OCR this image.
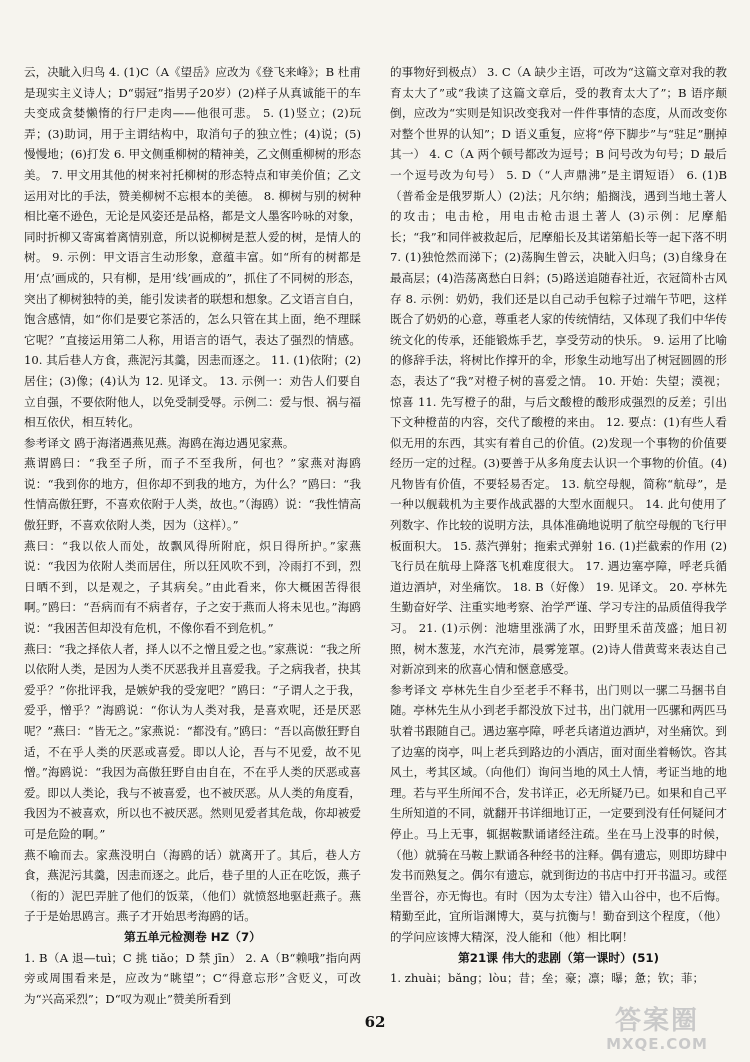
云，决眦入归鸟 4. (1)C（A《望岳》应改为《登飞来峰》；B 杜甫是现实主义诗人；D“弱冠”指男子20岁）(2)样子从真诚能干的车夫变成贪婪懒惰的行尸走肉——他很可悲。 5. (1)竖立；(2)玩弄；(3)助词，用于主谓结构中，取消句子的独立性；(4)说；(5)慢慢地；(6)打发 6. 甲文侧重柳树的精神美，乙文侧重柳树的形态美。 7. 甲文用其他的树来衬托柳树的形态特点和审美价值；乙文运用对比的手法，赞美柳树不忘根本的美德。 8. 柳树与别的树种相比毫不逊色，无论是风姿还是品格，都是文人墨客吟咏的对象，同时折柳又寄寓着离情别意，所以说柳树是惹人爱的树，是情人的树。 9. 示例：甲文语言生动形象，意蕴丰富。如“所有的树都是用‘点’画成的，只有柳，是用‘线’画成的”，抓住了不同树的形态，突出了柳树独特的美，能引发读者的联想和想象。乙文语言自白，饱含感情，如“你们是要它茶活的，怎么只管在其上面，绝不理睬它呢？”直接运用第二人称，用语言的语气，表达了强烈的情感。 10. 其后巷人方食，燕泥污其羹，因恚而逐之。 11. (1)依附；(2)居住；(3)像；(4)认为 12. 见译文。 13. 示例一：劝告人们要自立自强，不要依附他人，以免受制受辱。示例二：爱与恨、祸与福相互依伏，相互转化。

参考译文 鸥于海渚遇燕见燕。海鸥在海边遇见家燕。

燕谓鸥曰：“我至子所，而子不至我所，何也？”家燕对海鸥说：“我到你的地方，但你却不到我的地方，为什么？”鸥曰：“我性情高傲狂野，不喜欢依附于人类，故也。”（海鸥）说：“我性情高傲狂野，不喜欢依附人类，因为（这样）。”

燕曰：“我以依人而处，故飘风得所附庇，炽日得所护。”家燕说：“我因为依附人类而居住，所以狂风吹不到，冷雨打不到，烈日晒不到，以是观之，子其病矣。”由此看来，你大概困苦得很啊。”鸥曰：“吾病而有不病者存，子之安于燕而人将未见也。”海鸥说：“我困苦但却没有危机，不像你看不到危机。”

燕曰：“我之择依人者，择人以不之憎且爱之也。”家燕说：“我之所以依附人类，是因为人类不厌恶我并且喜爱我。子之病我者，抉其爱乎？”你批评我，是嫉妒我的受宠吧？”鸥曰：“子谓人之于我，爱乎，憎乎？”海鸥说：“你认为人类对我，是喜欢呢，还是厌恶呢？”燕曰：“皆无之。”家燕说：“都没有。”鸥曰：“吾以高傲狂野自适，不在乎人类的厌恶或喜爱。即以人论，吾与不见爱，故不见憎。”海鸥说：“我因为高傲狂野自由自在，不在乎人类的厌恶或喜爱。即以人类论，我与不被喜爱，也不被厌恶。从人类的角度看，我因为不被喜欢，所以也不被厌恶。然则见爱者其危哉，你却被爱可是危险的啊。”

燕不喻而去。家燕没明白（海鸥的话）就离开了。其后，巷人方食，燕泥污其羹，因恚而逐之。此后，巷子里的人正在吃饭，燕子（衔的）泥巴弄脏了他们的饭菜，（他们）就愤怒地驱赶燕子。燕子于是始思鸥言。燕子才开始思考海鸥的话。

第五单元检测卷 HZ（7）

1. B（A 退—tuì；C 挑 tiǎo；D 禁 jīn） 2. A（B“赖哦”指向两旁或周围看来是，应改为“眺望”；C“得意忘形”含贬义，可改为“兴高采烈”；D“叹为观止”赞美所看到

的事物好到极点） 3. C（A 缺少主语，可改为“这篇文章对我的教育太大了”或“我读了这篇文章后，受的教育太大了”；B 语序颠倒，应改为“实则是知识改变我对一件件事情的态度，从而改变你对整个世界的认知”；D 语义重复，应将“停下脚步”与“驻足”删掉其一） 4. C（A 两个顿号都改为逗号；B 问号改为句号；D 最后一个逗号改为句号） 5. D（“人声鼎沸”是主谓短语） 6. (1)B（普希金是俄罗斯人）(2)法；凡尔纳；船搁浅，遇到当地土著人的攻击；电击枪，用电击枪击退土著人 (3)示例：尼摩船长；“我”和同伴被救起后，尼摩船长及其诺第船长等一起下落不明 7. (1)独怆然而涕下；(2)荡胸生曾云，决眦入归鸟；(3)自缘身在最高层；(4)浩荡离愁白日斜；(5)路送追随春社近，衣冠简朴古风存 8. 示例：奶奶，我们还是以自己动手包粽子过端午节吧，这样既合了奶奶的心意，尊重老人家的传统情结，又体现了我们中华传统文化的传承，还能锻炼手艺，享受劳动的快乐。 9. 运用了比喻的修辞手法，将树比作撑开的伞，形象生动地写出了树冠圆圆的形态，表达了“我”对橙子树的喜爱之情。 10. 开始：失望；漠视；惊喜 11. 先写橙子的甜，与后文酸橙的酸形成强烈的反差；引出下文种橙苗的内容，交代了酸橙的来由。 12. 要点：(1)有些人看似无用的东西，其实有着自己的价值。(2)发现一个事物的价值要经历一定的过程。(3)要善于从多角度去认识一个事物的价值。(4)凡物皆有价值，不要轻易否定。 13. 航空母舰，简称“航母”，是一种以舰载机为主要作战武器的大型水面舰只。 14. 此句使用了列数字、作比较的说明方法，具体准确地说明了航空母舰的飞行甲板面积大。 15. 蒸汽弹射；拖索式弹射 16. (1)拦截索的作用 (2)飞行员在航母上降落飞机难度很大。 17. 遇边塞亭障，呼老兵循道边酒垆，对坐痛饮。 18. B（好像） 19. 见译文。 20. 亭林先生勤奋好学、注重实地考察、治学严谨、学习专注的品质值得我学习。 21. (1)示例：池塘里涨满了水，田野里禾苗茂盛；旭日初照，树木葱茏，水汽充沛，晨雾笼罩。(2)诗人借黄莺来表达自己对新凉到来的欣喜心情和愜意感受。

参考译文 亭林先生自少至老手不释书，出门则以一骡二马捆书自随。亭林先生从小到老手都没放下过书，出门就用一匹骡和两匹马驮着书跟随自己。遇边塞亭障，呼老兵诸道边酒垆，对坐痛饮。到了边塞的岗亭，叫上老兵到路边的小酒店，面对面坐着畅饮。咨其风土，考其区域。（向他们）询问当地的风土人情，考证当地的地理。若与平生所闻不合，发书详正，必无所疑乃已。如果和自己平生所知道的不同，就翻开书详细地订正，一定要到没有任何疑问才停止。马上无事，辄据鞍默诵诸经注疏。坐在马上没事的时候，（他）就骑在马鞍上默诵各种经书的注释。偶有遗忘，则即坊肆中发书而熟复之。偶尔有遗忘，就到街边的书店中打开书温习。或徑坐晋谷，亦无悔也。有时（因为太专注）错入山谷中，也不后悔。精勤至此，宜所诣渊博大，莫与抗衡与！勤奋到这个程度，（他）的学问应该博大精深，没人能和（他）相比啊！

第21课 伟大的悲剧（第一课时）(51)

1. zhuài；bǎng；lòu；昔；垒；豪；凛；曝；惫；钦；菲；

62	答案圈
MXQE.COM
